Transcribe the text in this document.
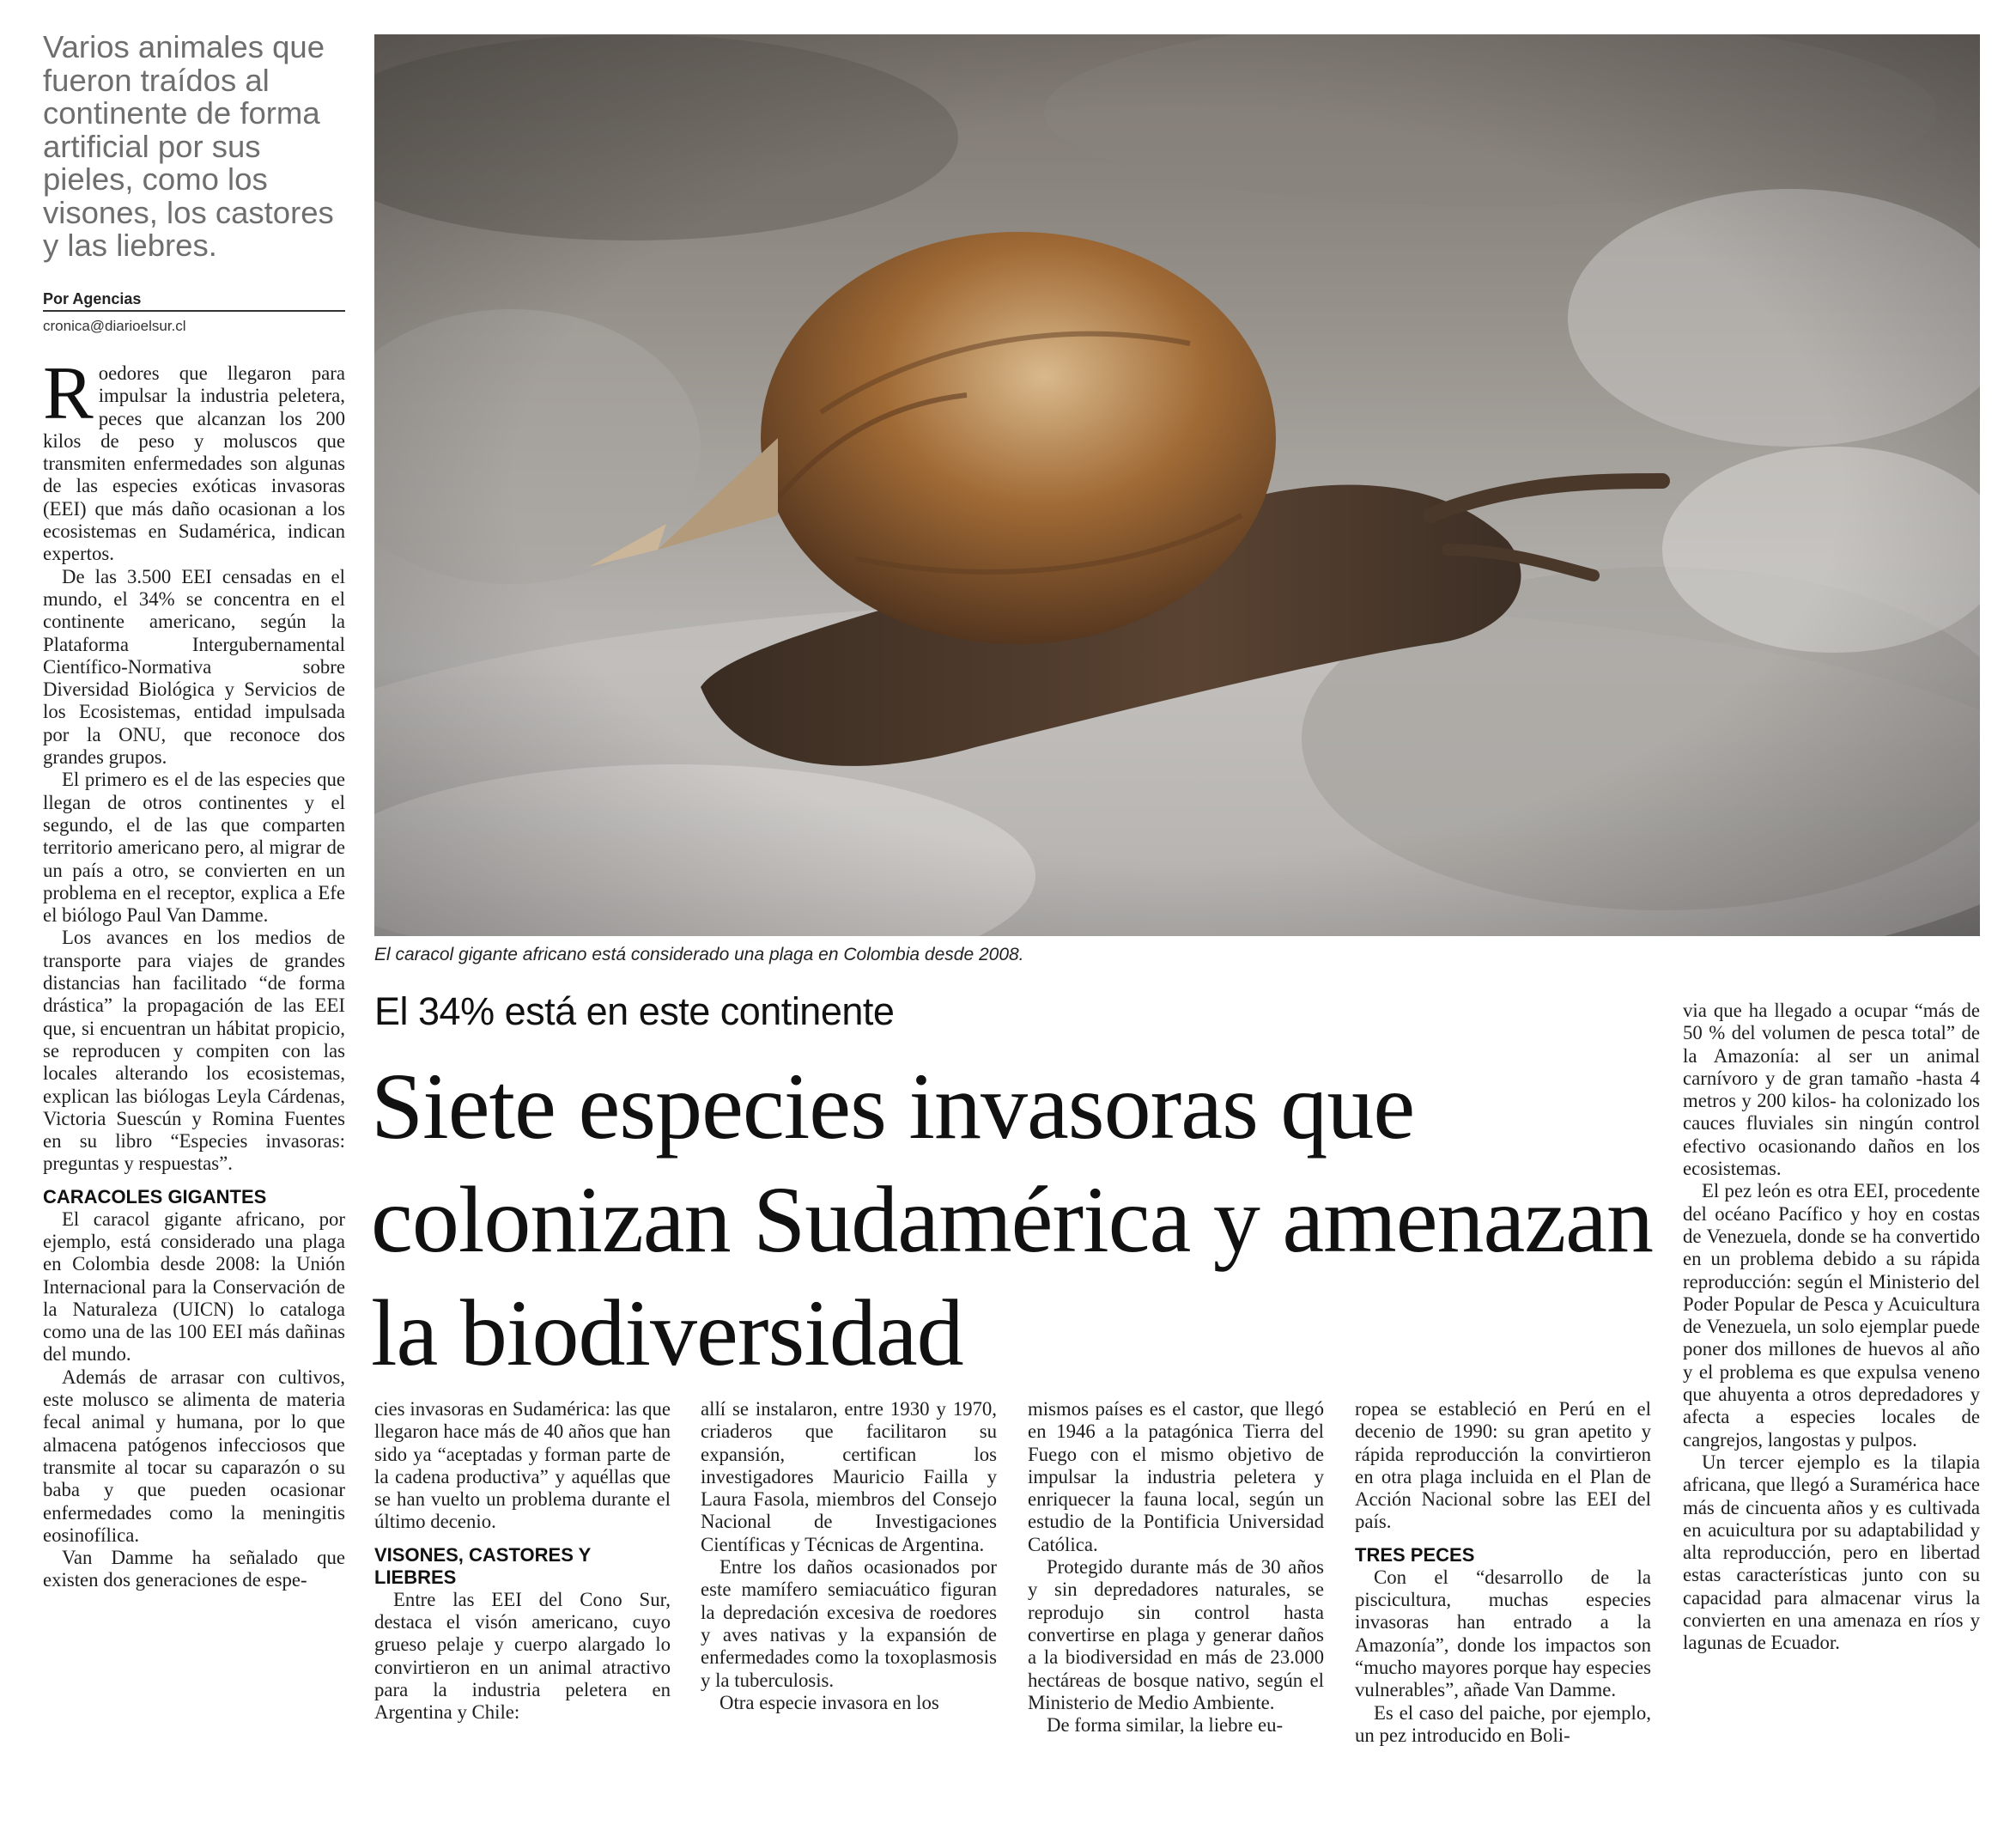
Varios animales que fueron traídos al continente de forma artificial por sus pieles, como los visones, los castores y las liebres.
Por Agencias
cronica@diarioelsur.cl

Roedores que llegaron para impulsar la industria peletera, peces que alcanzan los 200 kilos de peso y moluscos que transmiten enfermedades son algunas de las especies exóticas invasoras (EEI) que más daño ocasionan a los ecosistemas en Sudamérica, indican expertos.

De las 3.500 EEI censadas en el mundo, el 34% se concentra en el continente americano, según la Plataforma Intergubernamental Científico-Normativa sobre Diversidad Biológica y Servicios de los Ecosistemas, entidad impulsada por la ONU, que reconoce dos grandes grupos.

El primero es el de las especies que llegan de otros continentes y el segundo, el de las que comparten territorio americano pero, al migrar de un país a otro, se convierten en un problema en el receptor, explica a Efe el biólogo Paul Van Damme.

Los avances en los medios de transporte para viajes de grandes distancias han facilitado “de forma drástica” la propagación de las EEI que, si encuentran un hábitat propicio, se reproducen y compiten con las locales alterando los ecosistemas, explican las biólogas Leyla Cárdenas, Victoria Suescún y Romina Fuentes en su libro “Especies invasoras: preguntas y respuestas”.

CARACOLES GIGANTES

El caracol gigante africano, por ejemplo, está considerado una plaga en Colombia desde 2008: la Unión Internacional para la Conservación de la Naturaleza (UICN) lo cataloga como una de las 100 EEI más dañinas del mundo.

Además de arrasar con cultivos, este molusco se alimenta de materia fecal animal y humana, por lo que almacena patógenos infecciosos que transmite al tocar su caparazón o su baba y que pueden ocasionar enfermedades como la meningitis eosinofílica.

Van Damme ha señalado que existen dos generaciones de espe-

El caracol gigante africano está considerado una plaga en Colombia desde 2008.
El 34% está en este continente
Siete especies invasoras que colonizan Sudamérica y amenazan la biodiversidad

cies invasoras en Sudamérica: las que llegaron hace más de 40 años que han sido ya “aceptadas y forman parte de la cadena productiva” y aquéllas que se han vuelto un problema durante el último decenio.

VISONES, CASTORES Y LIEBRES

Entre las EEI del Cono Sur, destaca el visón americano, cuyo grueso pelaje y cuerpo alargado lo convirtieron en un animal atractivo para la industria peletera en Argentina y Chile:

allí se instalaron, entre 1930 y 1970, criaderos que facilitaron su expansión, certifican los investigadores Mauricio Failla y Laura Fasola, miembros del Consejo Nacional de Investigaciones Científicas y Técnicas de Argentina.

Entre los daños ocasionados por este mamífero semiacuático figuran la depredación excesiva de roedores y aves nativas y la expansión de enfermedades como la toxoplasmosis y la tuberculosis.

Otra especie invasora en los

mismos países es el castor, que llegó en 1946 a la patagónica Tierra del Fuego con el mismo objetivo de impulsar la industria peletera y enriquecer la fauna local, según un estudio de la Pontificia Universidad Católica.

Protegido durante más de 30 años y sin depredadores naturales, se reprodujo sin control hasta convertirse en plaga y generar daños a la biodiversidad en más de 23.000 hectáreas de bosque nativo, según el Ministerio de Medio Ambiente.

De forma similar, la liebre eu-

ropea se estableció en Perú en el decenio de 1990: su gran apetito y rápida reproducción la convirtieron en otra plaga incluida en el Plan de Acción Nacional sobre las EEI del país.

TRES PECES

Con el “desarrollo de la piscicultura, muchas especies invasoras han entrado a la Amazonía”, donde los impactos son “mucho mayores porque hay especies vulnerables”, añade Van Damme.

Es el caso del paiche, por ejemplo, un pez introducido en Boli-

via que ha llegado a ocupar “más de 50 % del volumen de pesca total” de la Amazonía: al ser un animal carnívoro y de gran tamaño -hasta 4 metros y 200 kilos- ha colonizado los cauces fluviales sin ningún control efectivo ocasionando daños en los ecosistemas.

El pez león es otra EEI, procedente del océano Pacífico y hoy en costas de Venezuela, donde se ha convertido en un problema debido a su rápida reproducción: según el Ministerio del Poder Popular de Pesca y Acuicultura de Venezuela, un solo ejemplar puede poner dos millones de huevos al año y el problema es que expulsa veneno que ahuyenta a otros depredadores y afecta a especies locales de cangrejos, langostas y pulpos.

Un tercer ejemplo es la tilapia africana, que llegó a Suramérica hace más de cincuenta años y es cultivada en acuicultura por su adaptabilidad y alta reproducción, pero en libertad estas características junto con su capacidad para almacenar virus la convierten en una amenaza en ríos y lagunas de Ecuador.
